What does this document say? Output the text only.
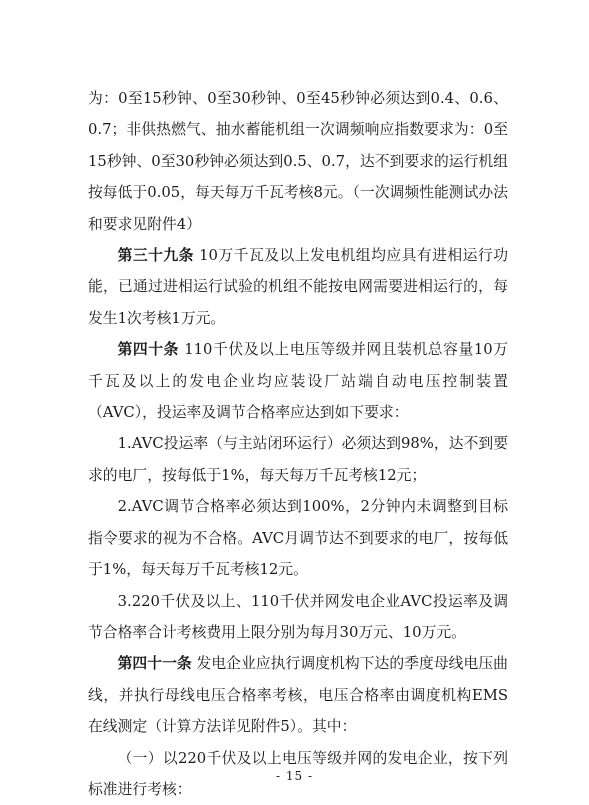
为：0至15秒钟、0至30秒钟、0至45秒钟必须达到0.4、0.6、0.7；非供热燃气、抽水蓄能机组一次调频响应指数要求为：0至15秒钟、0至30秒钟必须达到0.5、0.7，达不到要求的运行机组按每低于0.05，每天每万千瓦考核8元。（一次调频性能测试办法和要求见附件4）

第三十九条 10万千瓦及以上发电机组均应具有进相运行功能，已通过进相运行试验的机组不能按电网需要进相运行的，每发生1次考核1万元。

第四十条 110千伏及以上电压等级并网且装机总容量10万千瓦及以上的发电企业均应装设厂站端自动电压控制装置（AVC），投运率及调节合格率应达到如下要求：

1.AVC投运率（与主站闭环运行）必须达到98%，达不到要求的电厂，按每低于1%，每天每万千瓦考核12元；

2.AVC调节合格率必须达到100%，2分钟内未调整到目标指令要求的视为不合格。AVC月调节达不到要求的电厂，按每低于1%，每天每万千瓦考核12元。

3.220千伏及以上、110千伏并网发电企业AVC投运率及调节合格率合计考核费用上限分别为每月30万元、10万元。

第四十一条 发电企业应执行调度机构下达的季度母线电压曲线，并执行母线电压合格率考核，电压合格率由调度机构EMS在线测定（计算方法详见附件5）。其中：

（一）以220千伏及以上电压等级并网的发电企业，按下列标准进行考核：

- 15 -
